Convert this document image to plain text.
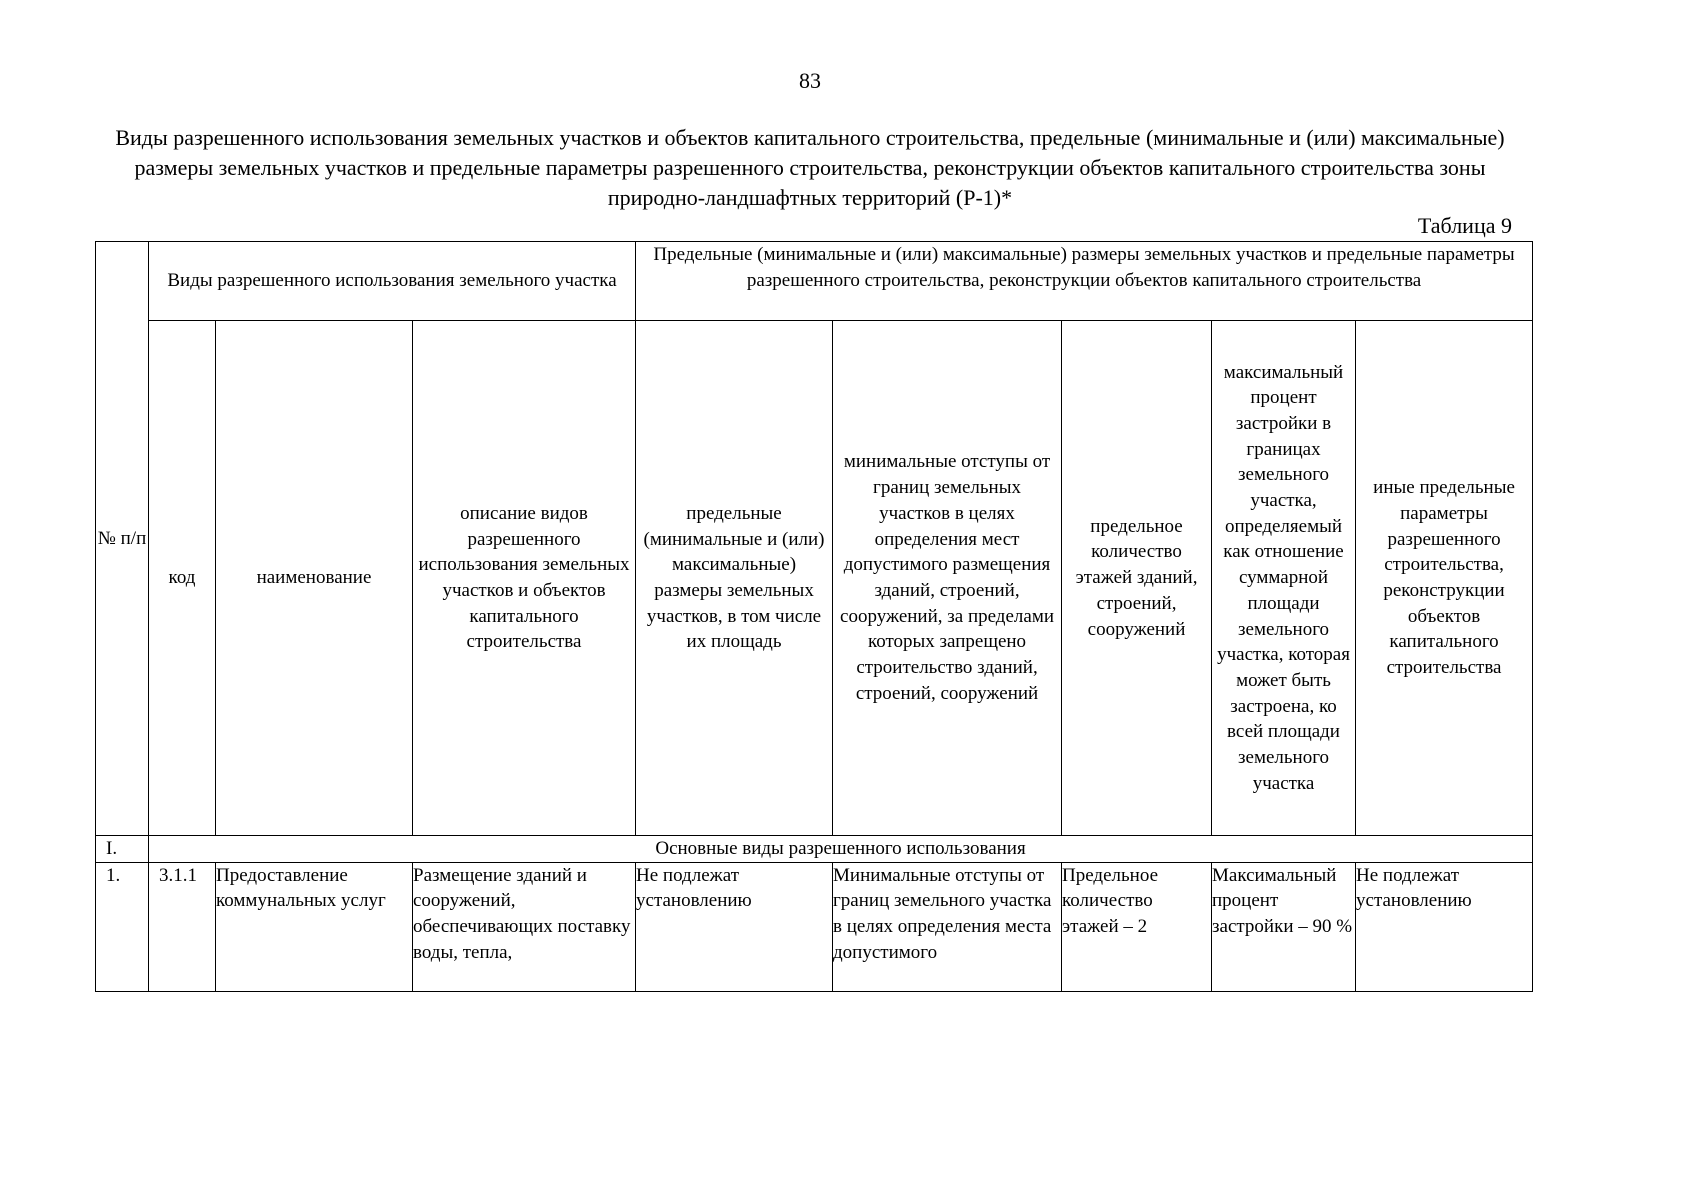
83
Виды разрешенного использования земельных участков и объектов капитального строительства, предельные (минимальные и (или) максимальные) размеры земельных участков и предельные параметры разрешенного строительства, реконструкции объектов капитального строительства зоны природно-ландшафтных территорий (Р-1)*
Таблица 9
№ п/п	Виды разрешенного использования земельного участка			Предельные (минимальные и (или) максимальные) размеры земельных участков и предельные параметры разрешенного строительства, реконструкции объектов капитального строительства				
	код	наименование	описание видов разрешенного использования земельных участков и объектов капитального строительства	предельные (минимальные и (или) максимальные) размеры земельных участков, в том числе их площадь	минимальные отступы от границ земельных участков в целях определения мест допустимого размещения зданий, строений, сооружений, за пределами которых запрещено строительство зданий, строений, сооружений	предельное количество этажей зданий, строений, сооружений	максимальный процент застройки в границах земельного участка, определяемый как отношение суммарной площади земельного участка, которая может быть застроена, ко всей площади земельного участка	иные предельные параметры разрешенного строительства, реконструкции объектов капитального строительства
I.	Основные виды разрешенного использования							
1.	3.1.1	Предоставление коммунальных услуг	Размещение зданий и сооружений, обеспечивающих поставку воды, тепла,	Не подлежат установлению	Минимальные отступы от границ земельного участка в целях определения места допустимого	Предельное количество этажей – 2	Максимальный процент застройки – 90 %	Не подлежат установлению
